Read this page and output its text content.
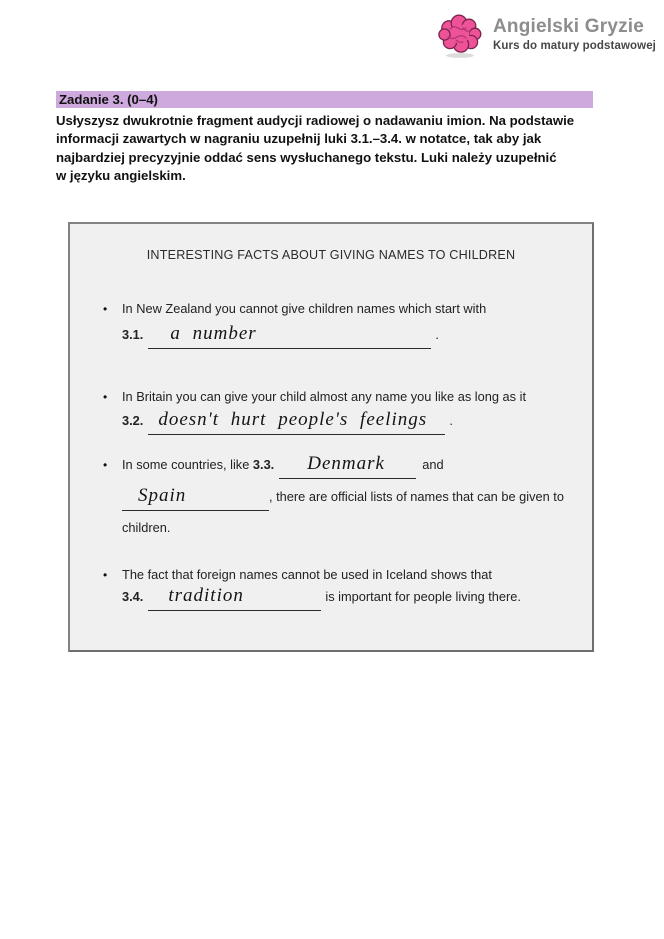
Angielski Gryzie
Kurs do matury podstawowej
Zadanie 3. (0–4)
Usłyszysz dwukrotnie fragment audycji radiowej o nadawaniu imion. Na podstawie
informacji zawartych w nagraniu uzupełnij luki 3.1.–3.4. w notatce, tak aby jak
najbardziej precyzyjnie oddać sens wysłuchanego tekstu. Luki należy uzupełnić
w języku angielskim.
INTERESTING FACTS ABOUT GIVING NAMES TO CHILDREN
• In New Zealand you cannot give children names which start with
3.1. a number	.
• In Britain you can give your child almost any name you like as long as it
3.2. doesn't hurt people's feelings .
• In some countries, like 3.3. Denmark	and
Spain	, there are official lists of names that can be given to
children.
• The fact that foreign names cannot be used in Iceland shows that
3.4. tradition	is important for people living there.
